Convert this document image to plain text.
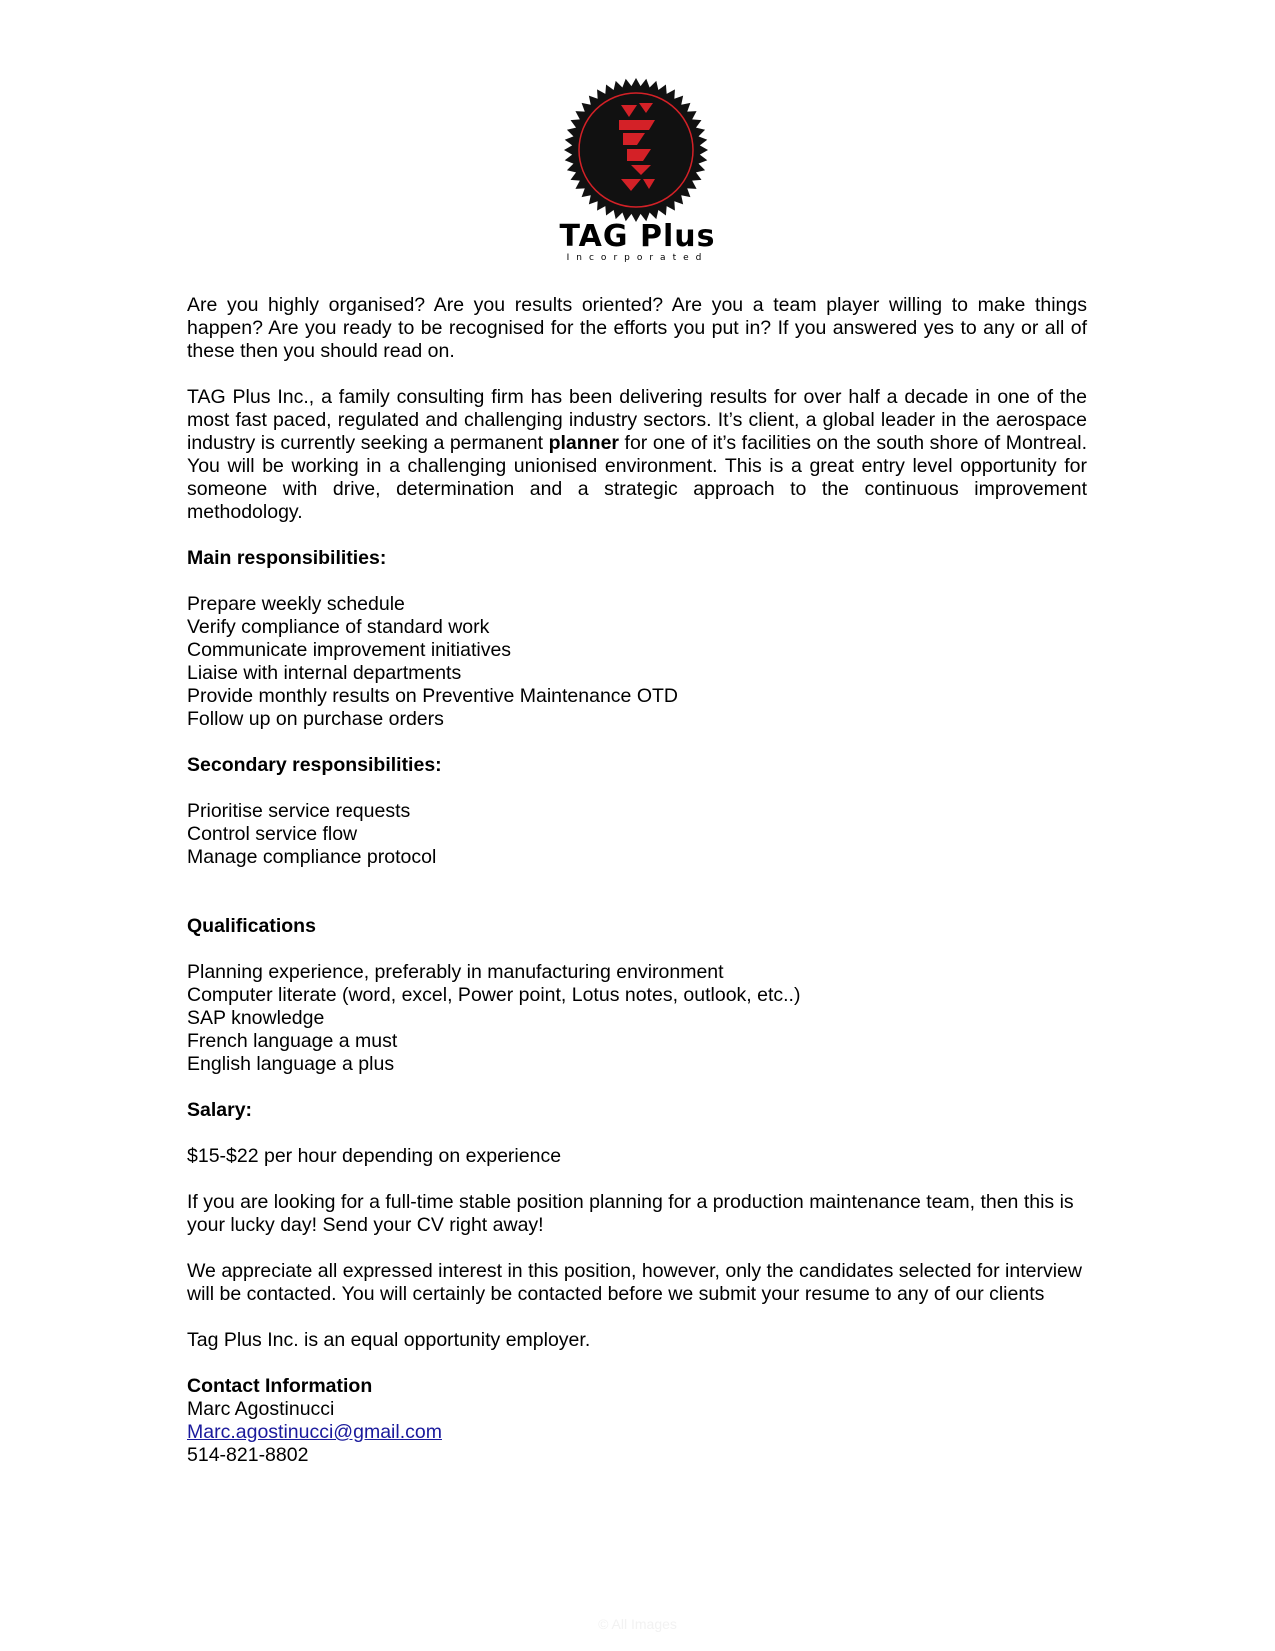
TAG Plus
Incorporated

Are you highly organised? Are you results oriented? Are you a team player willing to make things happen? Are you ready to be recognised for the efforts you put in? If you answered yes to any or all of these then you should read on.

TAG Plus Inc., a family consulting firm has been delivering results for over half a decade in one of the most fast paced, regulated and challenging industry sectors. It’s client, a global leader in the aerospace industry is currently seeking a permanent planner for one of it’s facilities on the south shore of Montreal. You will be working in a challenging unionised environment. This is a great entry level opportunity for someone with drive, determination and a strategic approach to the continuous improvement methodology.

Main responsibilities:
Prepare weekly schedule
Verify compliance of standard work
Communicate improvement initiatives
Liaise with internal departments
Provide monthly results on Preventive Maintenance OTD
Follow up on purchase orders
Secondary responsibilities:
Prioritise service requests
Control service flow
Manage compliance protocol
Qualifications
Planning experience, preferably in manufacturing environment
Computer literate (word, excel, Power point, Lotus notes, outlook, etc..)
SAP knowledge
French language a must
English language a plus
Salary:

$15-$22 per hour depending on experience

If you are looking for a full-time stable position planning for a production maintenance team, then this is your lucky day! Send your CV right away!

We appreciate all expressed interest in this position, however, only the candidates selected for interview will be contacted. You will certainly be contacted before we submit your resume to any of our clients

Tag Plus Inc. is an equal opportunity employer.

Contact Information
Marc Agostinucci
Marc.agostinucci@gmail.com
514-821-8802
© All Images
